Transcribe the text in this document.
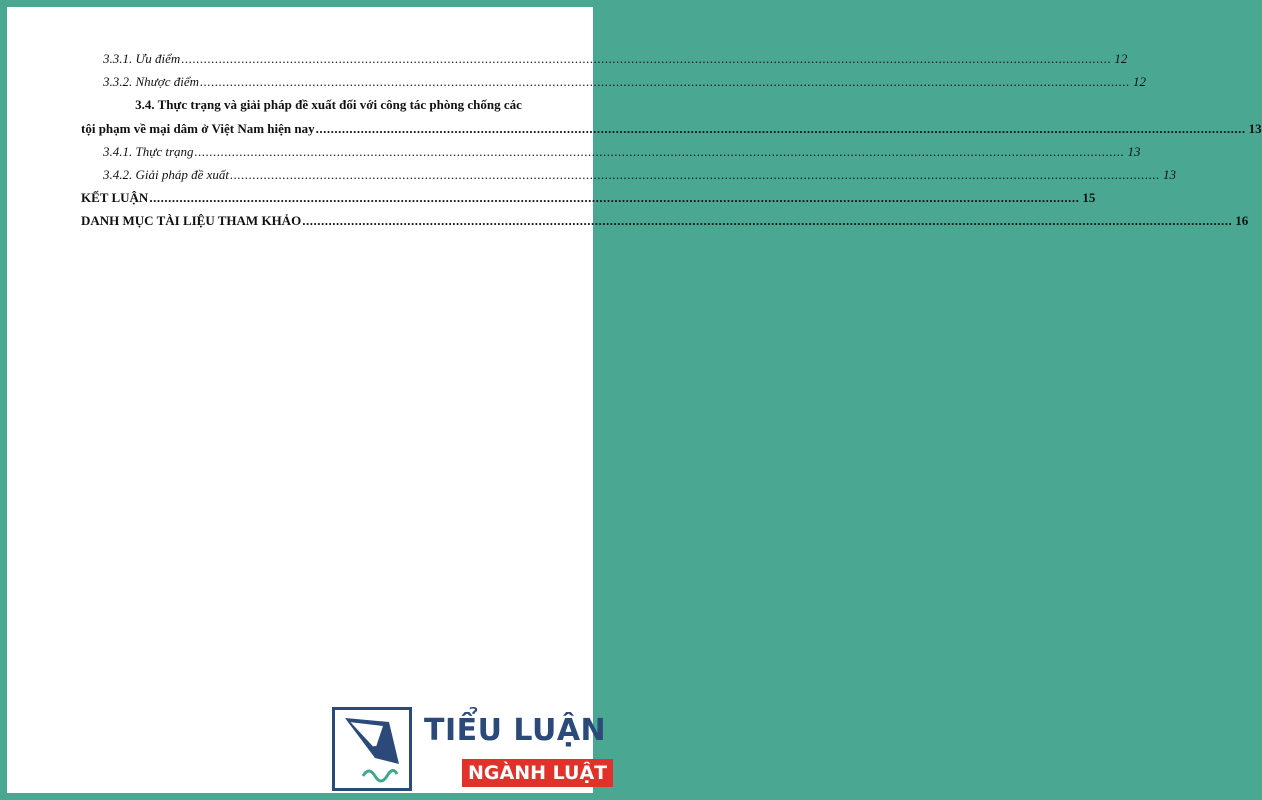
3.3.1. Ưu điểm .....	12
3.3.2. Nhược điểm .....	12
3.4. Thực trạng và giải pháp đề xuất đối với công tác phòng chống các
tội phạm về mại dâm ở Việt Nam hiện nay .....	13
3.4.1. Thực trạng .....	13
3.4.2. Giải pháp đề xuất .....	13
KẾT LUẬN .....	15
DANH MỤC TÀI LIỆU THAM KHẢO .....	16
TIỂU LUẬN
NGÀNH LUẬT
